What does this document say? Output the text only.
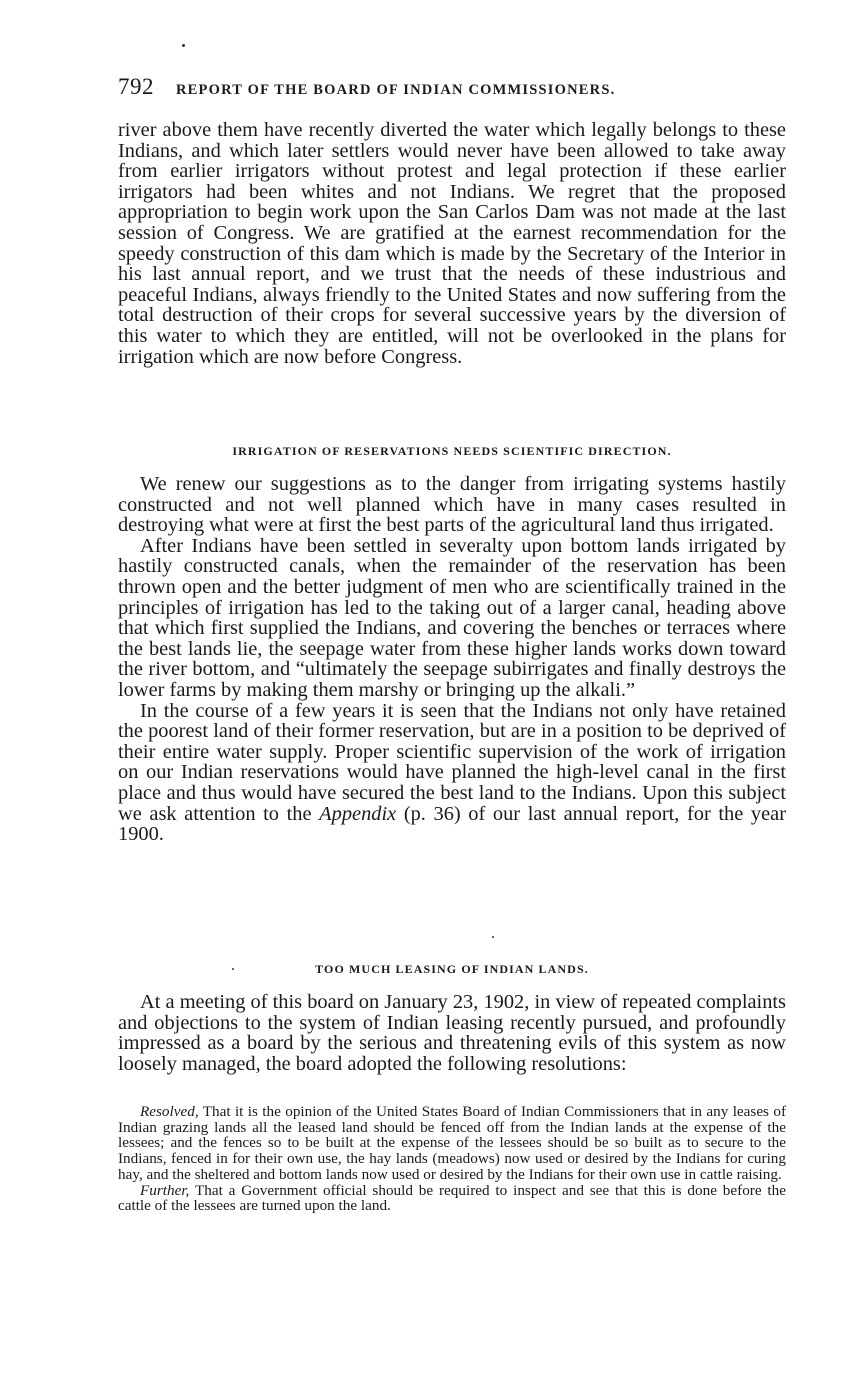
792 REPORT OF THE BOARD OF INDIAN COMMISSIONERS.

river above them have recently diverted the water which legally belongs to these Indians, and which later settlers would never have been allowed to take away from earlier irrigators without protest and legal protection if these earlier irrigators had been whites and not Indians. We regret that the proposed appropriation to begin work upon the San Carlos Dam was not made at the last session of Congress. We are gratified at the earnest recommendation for the speedy construction of this dam which is made by the Secretary of the Interior in his last annual report, and we trust that the needs of these industrious and peaceful Indians, always friendly to the United States and now suffering from the total destruction of their crops for several successive years by the diversion of this water to which they are entitled, will not be overlooked in the plans for irrigation which are now before Congress.

IRRIGATION OF RESERVATIONS NEEDS SCIENTIFIC DIRECTION.

We renew our suggestions as to the danger from irrigating systems hastily constructed and not well planned which have in many cases resulted in destroying what were at first the best parts of the agricultural land thus irrigated.

After Indians have been settled in severalty upon bottom lands irrigated by hastily constructed canals, when the remainder of the reservation has been thrown open and the better judgment of men who are scientifically trained in the principles of irrigation has led to the taking out of a larger canal, heading above that which first supplied the Indians, and covering the benches or terraces where the best lands lie, the seepage water from these higher lands works down toward the river bottom, and “ultimately the seepage subirrigates and finally destroys the lower farms by making them marshy or bringing up the alkali.”

In the course of a few years it is seen that the Indians not only have retained the poorest land of their former reservation, but are in a position to be deprived of their entire water supply. Proper scientific supervision of the work of irrigation on our Indian reservations would have planned the high-level canal in the first place and thus would have secured the best land to the Indians. Upon this subject we ask attention to the Appendix (p. 36) of our last annual report, for the year 1900.

TOO MUCH LEASING OF INDIAN LANDS.

At a meeting of this board on January 23, 1902, in view of repeated complaints and objections to the system of Indian leasing recently pursued, and profoundly impressed as a board by the serious and threatening evils of this system as now loosely managed, the board adopted the following resolutions:

Resolved, That it is the opinion of the United States Board of Indian Commissioners that in any leases of Indian grazing lands all the leased land should be fenced off from the Indian lands at the expense of the lessees; and the fences so to be built at the expense of the lessees should be so built as to secure to the Indians, fenced in for their own use, the hay lands (meadows) now used or desired by the Indians for curing hay, and the sheltered and bottom lands now used or desired by the Indians for their own use in cattle raising.

Further, That a Government official should be required to inspect and see that this is done before the cattle of the lessees are turned upon the land.
